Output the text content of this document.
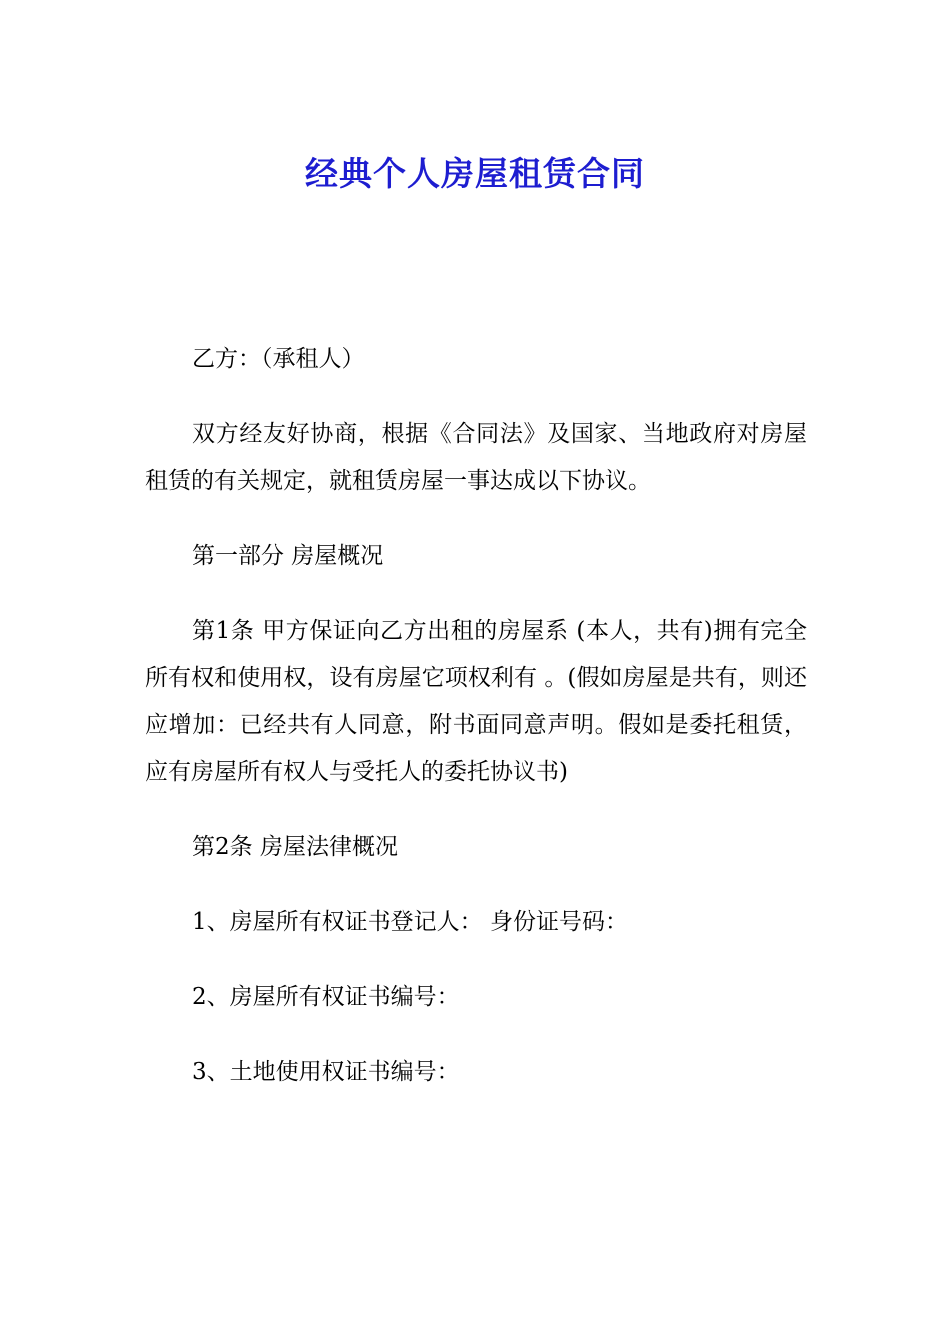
经典个人房屋租赁合同

乙方：（承租人）

双方经友好协商，根据《合同法》及国家、当地政府对房屋租赁的有关规定，就租赁房屋一事达成以下协议。

第一部分 房屋概况

第1条 甲方保证向乙方出租的房屋系 (本人，共有)拥有完全所有权和使用权，设有房屋它项权利有 。(假如房屋是共有，则还应增加：已经共有人同意，附书面同意声明。假如是委托租赁，应有房屋所有权人与受托人的委托协议书)

第2条 房屋法律概况

1、房屋所有权证书登记人： 身份证号码：

2、房屋所有权证书编号：

3、土地使用权证书编号：
